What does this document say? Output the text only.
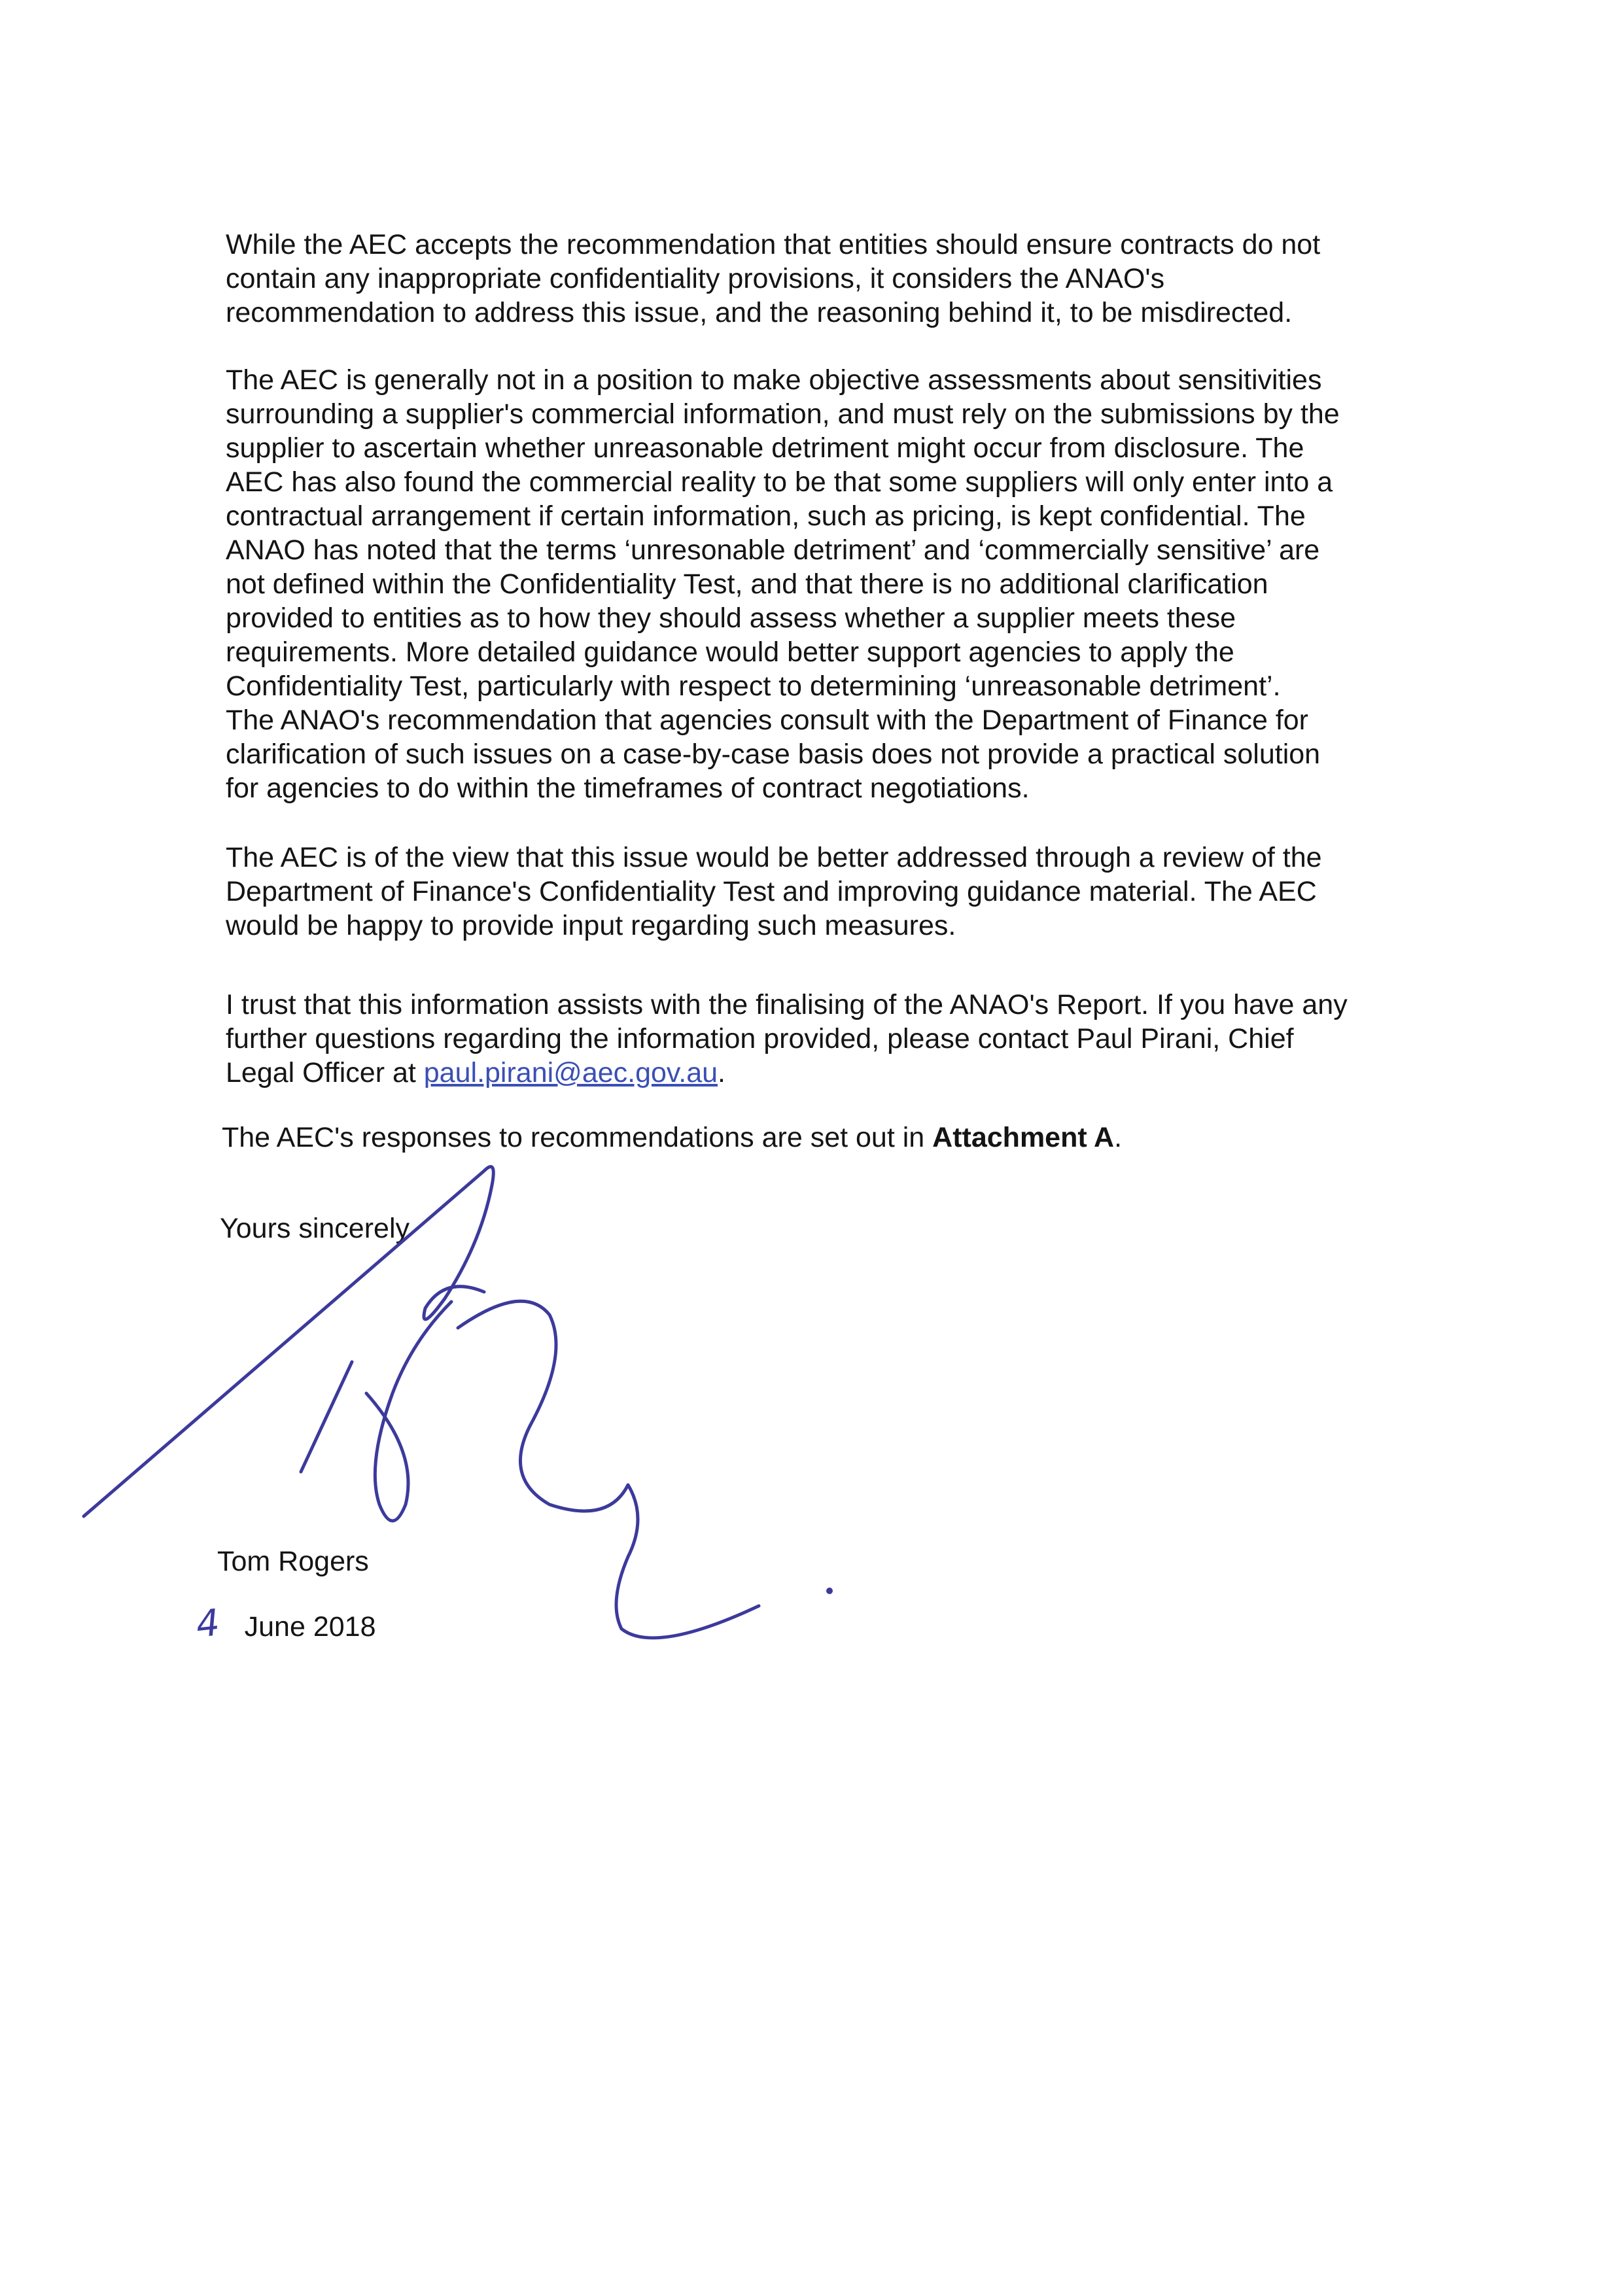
While the AEC accepts the recommendation that entities should ensure contracts do not
contain any inappropriate confidentiality provisions, it considers the ANAO's
recommendation to address this issue, and the reasoning behind it, to be misdirected.

The AEC is generally not in a position to make objective assessments about sensitivities
surrounding a supplier's commercial information, and must rely on the submissions by the
supplier to ascertain whether unreasonable detriment might occur from disclosure. The
AEC has also found the commercial reality to be that some suppliers will only enter into a
contractual arrangement if certain information, such as pricing, is kept confidential. The
ANAO has noted that the terms ‘unresonable detriment’ and ‘commercially sensitive’ are
not defined within the Confidentiality Test, and that there is no additional clarification
provided to entities as to how they should assess whether a supplier meets these
requirements. More detailed guidance would better support agencies to apply the
Confidentiality Test, particularly with respect to determining ‘unreasonable detriment’.
The ANAO's recommendation that agencies consult with the Department of Finance for
clarification of such issues on a case-by-case basis does not provide a practical solution
for agencies to do within the timeframes of contract negotiations.

The AEC is of the view that this issue would be better addressed through a review of the
Department of Finance's Confidentiality Test and improving guidance material. The AEC
would be happy to provide input regarding such measures.

I trust that this information assists with the finalising of the ANAO's Report. If you have any
further questions regarding the information provided, please contact Paul Pirani, Chief
Legal Officer at paul.pirani@aec.gov.au.

The AEC's responses to recommendations are set out in Attachment A.

Yours sincerely
Tom Rogers
4 June 2018
